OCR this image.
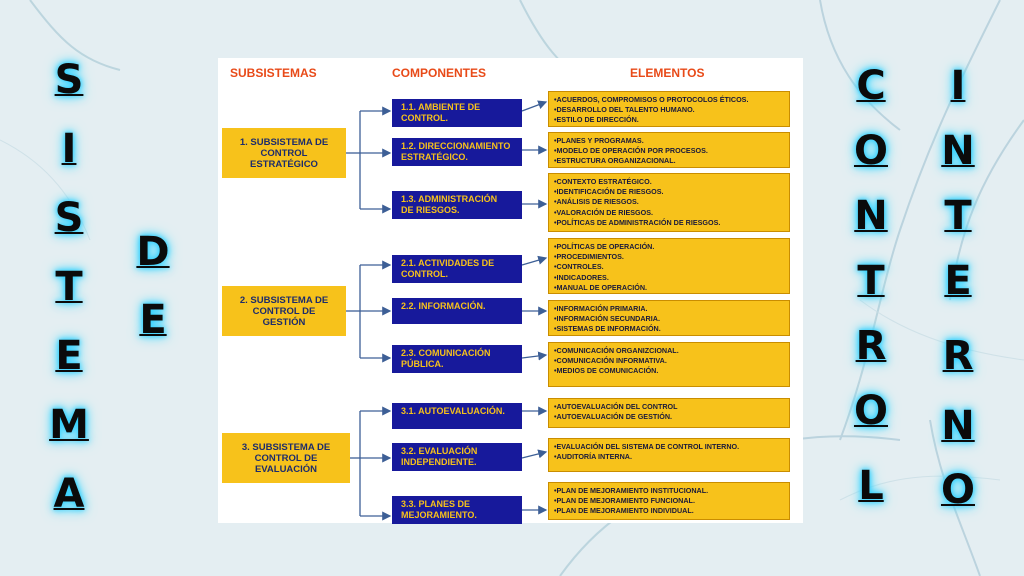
S
I
S
T
E
M
A
D
E
C
O
N
T
R
O
L
I
N
T
E
R
N
O
SUBSISTEMAS	COMPONENTES	ELEMENTOS
1. SUBSISTEMA DE
CONTROL
ESTRATÉGICO
2. SUBSISTEMA DE
CONTROL DE
GESTIÓN
3. SUBSISTEMA DE
CONTROL DE
EVALUACIÓN
1.1. AMBIENTE DE
CONTROL.
1.2. DIRECCIONAMIENTO
ESTRATÉGICO.
1.3. ADMINISTRACIÓN
DE RIESGOS.
2.1. ACTIVIDADES DE
CONTROL.
2.2. INFORMACIÓN.
2.3. COMUNICACIÓN
PÚBLICA.
3.1. AUTOEVALUACIÓN.
3.2. EVALUACIÓN
INDEPENDIENTE.
3.3. PLANES DE
MEJORAMIENTO.
•ACUERDOS, COMPROMISOS O PROTOCOLOS ÉTICOS.
•DESARROLLO DEL TALENTO HUMANO.
•ESTILO DE DIRECCIÓN.
•PLANES Y PROGRAMAS.
•MODELO DE OPERACIÓN POR PROCESOS.
•ESTRUCTURA ORGANIZACIONAL.
•CONTEXTO ESTRATÉGICO.
•IDENTIFICACIÓN DE RIESGOS.
•ANÁLISIS DE RIESGOS.
•VALORACIÓN DE RIESGOS.
•POLÍTICAS DE ADMINISTRACIÓN DE RIESGOS.
•POLÍTICAS DE OPERACIÓN.
•PROCEDIMIENTOS.
•CONTROLES.
•INDICADORES.
•MANUAL DE OPERACIÓN.
•INFORMACIÓN PRIMARIA.
•INFORMACIÓN SECUNDARIA.
•SISTEMAS DE INFORMACIÓN.
•COMUNICACIÓN ORGANIZCIONAL.
•COMUNICACIÓN INFORMATIVA.
•MEDIOS DE COMUNICACIÓN.
•AUTOEVALUACIÓN DEL CONTROL
•AUTOEVALUACIÓN DE GESTIÓN.
•EVALUACIÓN DEL SISTEMA DE CONTROL INTERNO.
•AUDITORÍA INTERNA.
•PLAN DE MEJORAMIENTO INSTITUCIONAL.
•PLAN DE MEJORAMIENTO FUNCIONAL.
•PLAN DE MEJORAMIENTO INDIVIDUAL.
